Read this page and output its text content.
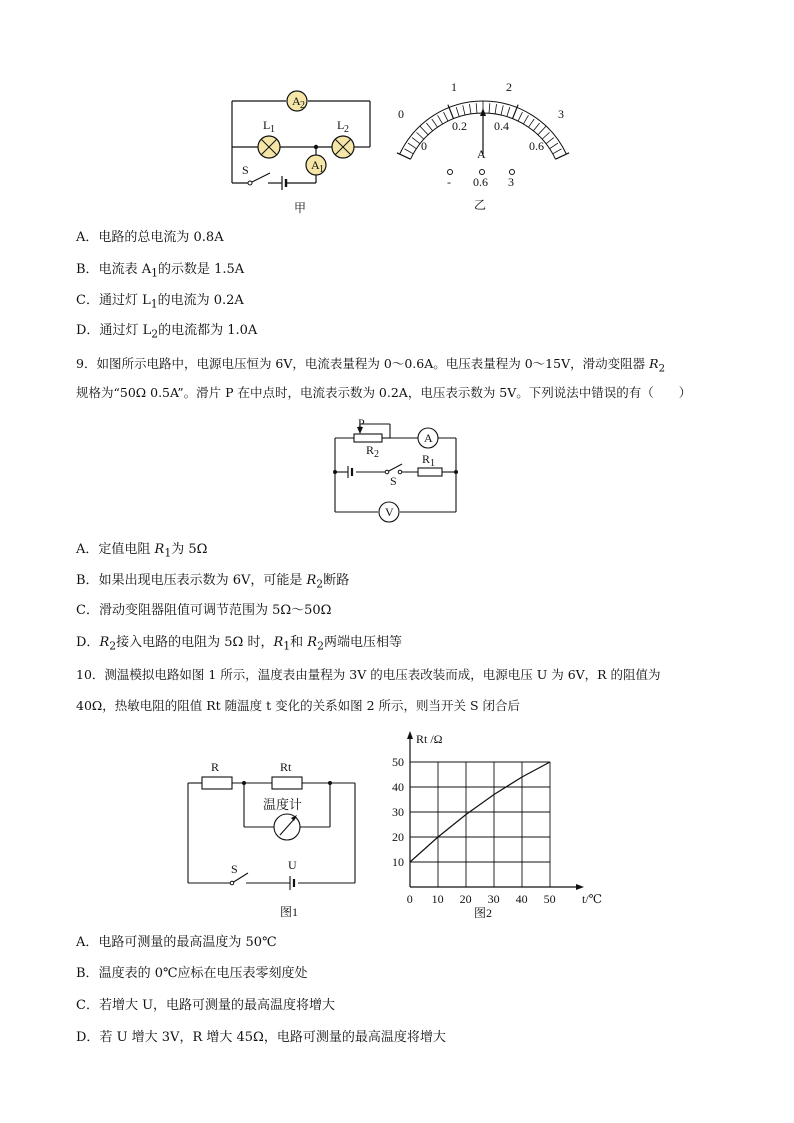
A 2
L 1	L 2
A 1
S
甲
0
1	2
3
0.2 0.4
0	0.6
A
- 0.6 3
乙
A．电路的总电流为 0.8A
B．电流表 $A_1$的示数是 1.5A
C．通过灯 $L_1$的电流为 0.2A
D．通过灯 $L_2$的电流都为 1.0A
9．如图所示电路中，电源电压恒为 6V，电流表量程为 0～0.6A。电压表量程为 0～15V，滑动变阻器 $R_2$
规格为“50Ω 0.5A”。滑片 P 在中点时，电流表示数为 0.2A，电压表示数为 5V。下列说法中错误的有（　　）
P
R 2
A
S
R 1
V
A．定值电阻 $R_1$为 5Ω
B．如果出现电压表示数为 6V，可能是 $R_2$断路
C．滑动变阻器阻值可调节范围为 5Ω～50Ω
D．$R_2$接入电路的电阻为 5Ω 时，$R_1$和 $R_2$两端电压相等
10．测温模拟电路如图 1 所示，温度表由量程为 3V 的电压表改装而成，电源电压 U 为 6V，R 的阻值为
40Ω，热敏电阻的阻值 Rt 随温度 t 变化的关系如图 2 所示，则当开关 S 闭合后
R	Rt
温度计
S	U
图1
0 10 20 30 40 50
10
20
30
40
50
Rt /Ω
t/℃
图2
A．电路可测量的最高温度为 50℃
B．温度表的 0℃应标在电压表零刻度处
C．若增大 U，电路可测量的最高温度将增大
D．若 U 增大 3V，R 增大 45Ω，电路可测量的最高温度将增大
